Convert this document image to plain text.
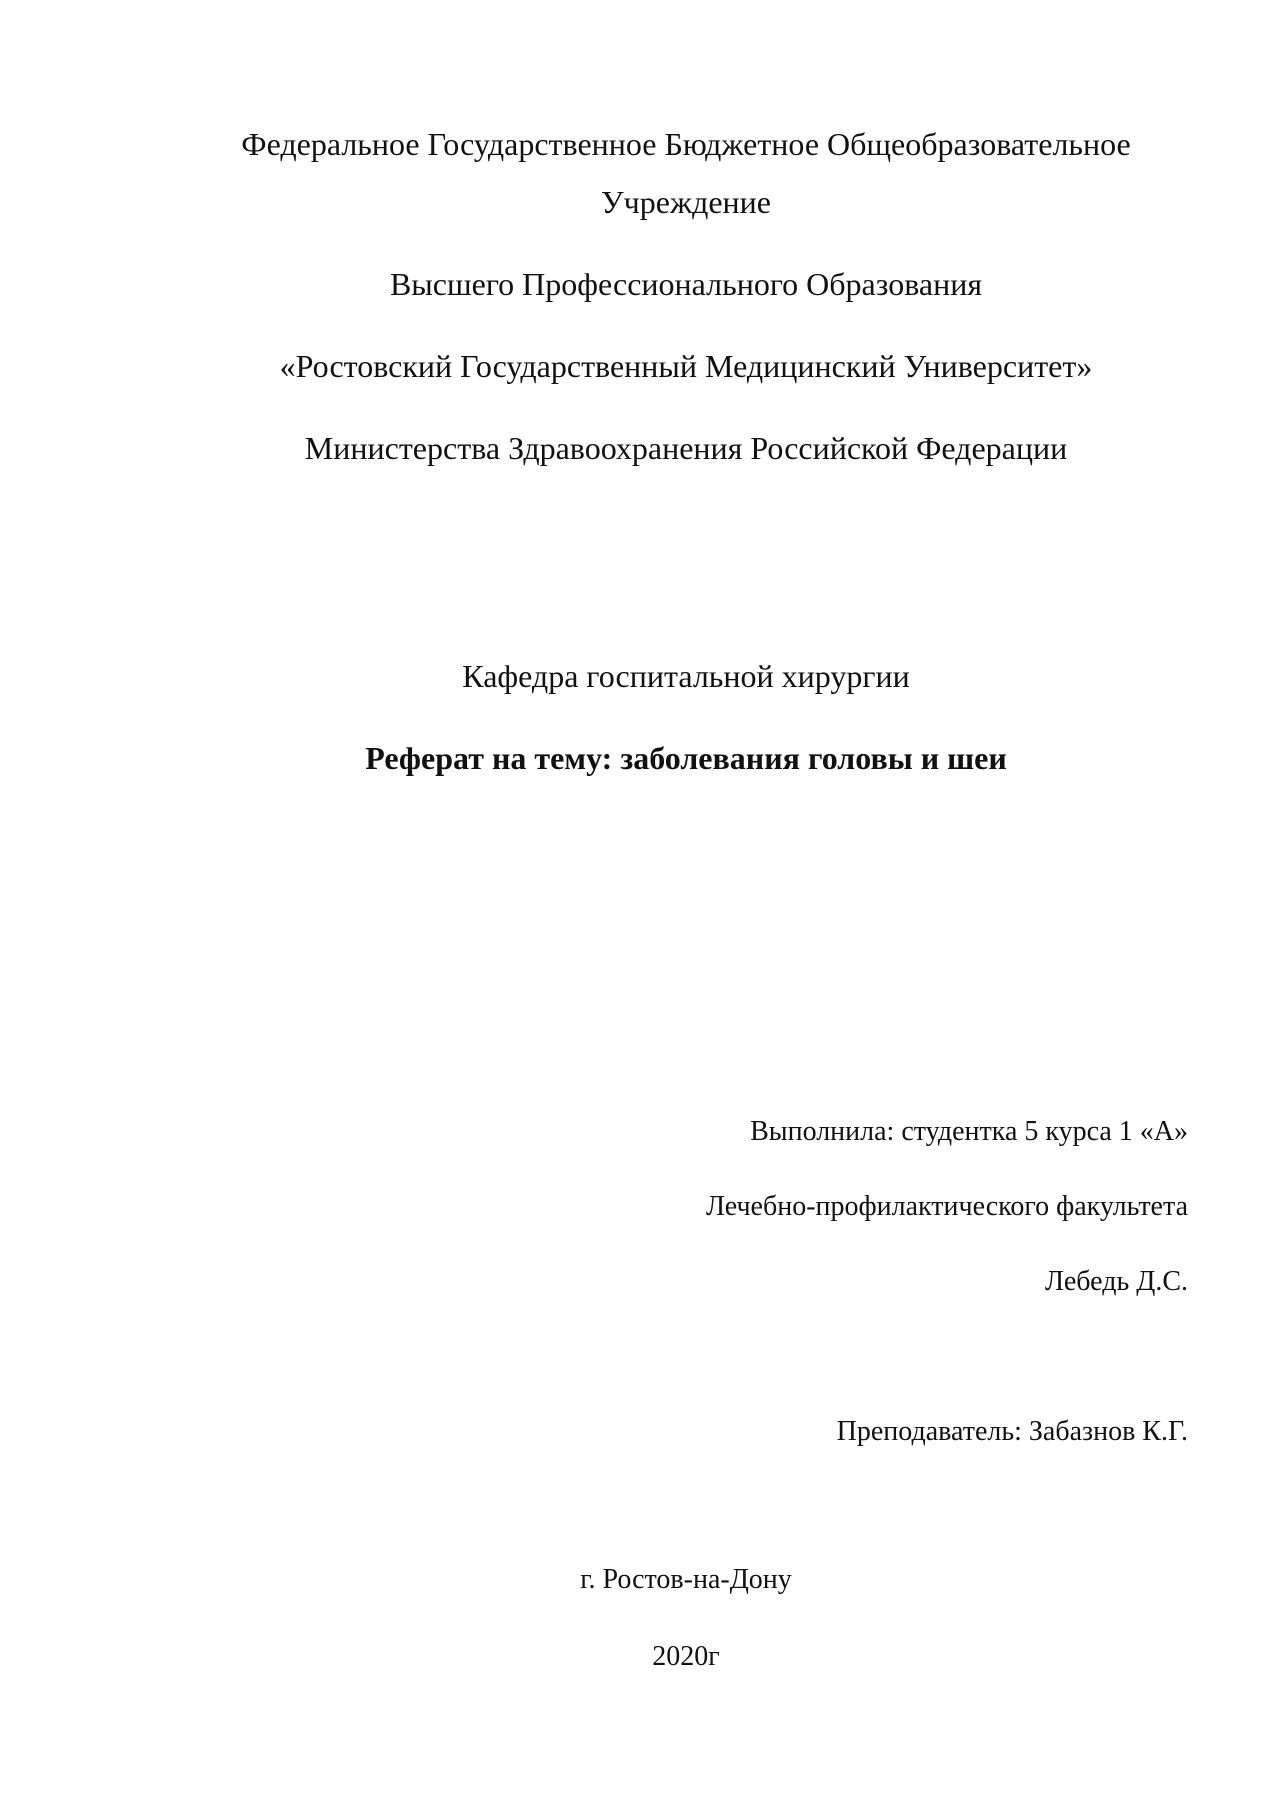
Федеральное Государственное Бюджетное Общеобразовательное
Учреждение
Высшего Профессионального Образования
«Ростовский Государственный Медицинский Университет»
Министерства Здравоохранения Российской Федерации
Кафедра госпитальной хирургии
Реферат на тему: заболевания головы и шеи
Выполнила: студентка 5 курса 1 «А»
Лечебно-профилактического факультета
Лебедь Д.С.
Преподаватель: Забазнов К.Г.
г. Ростов-на-Дону
2020г
